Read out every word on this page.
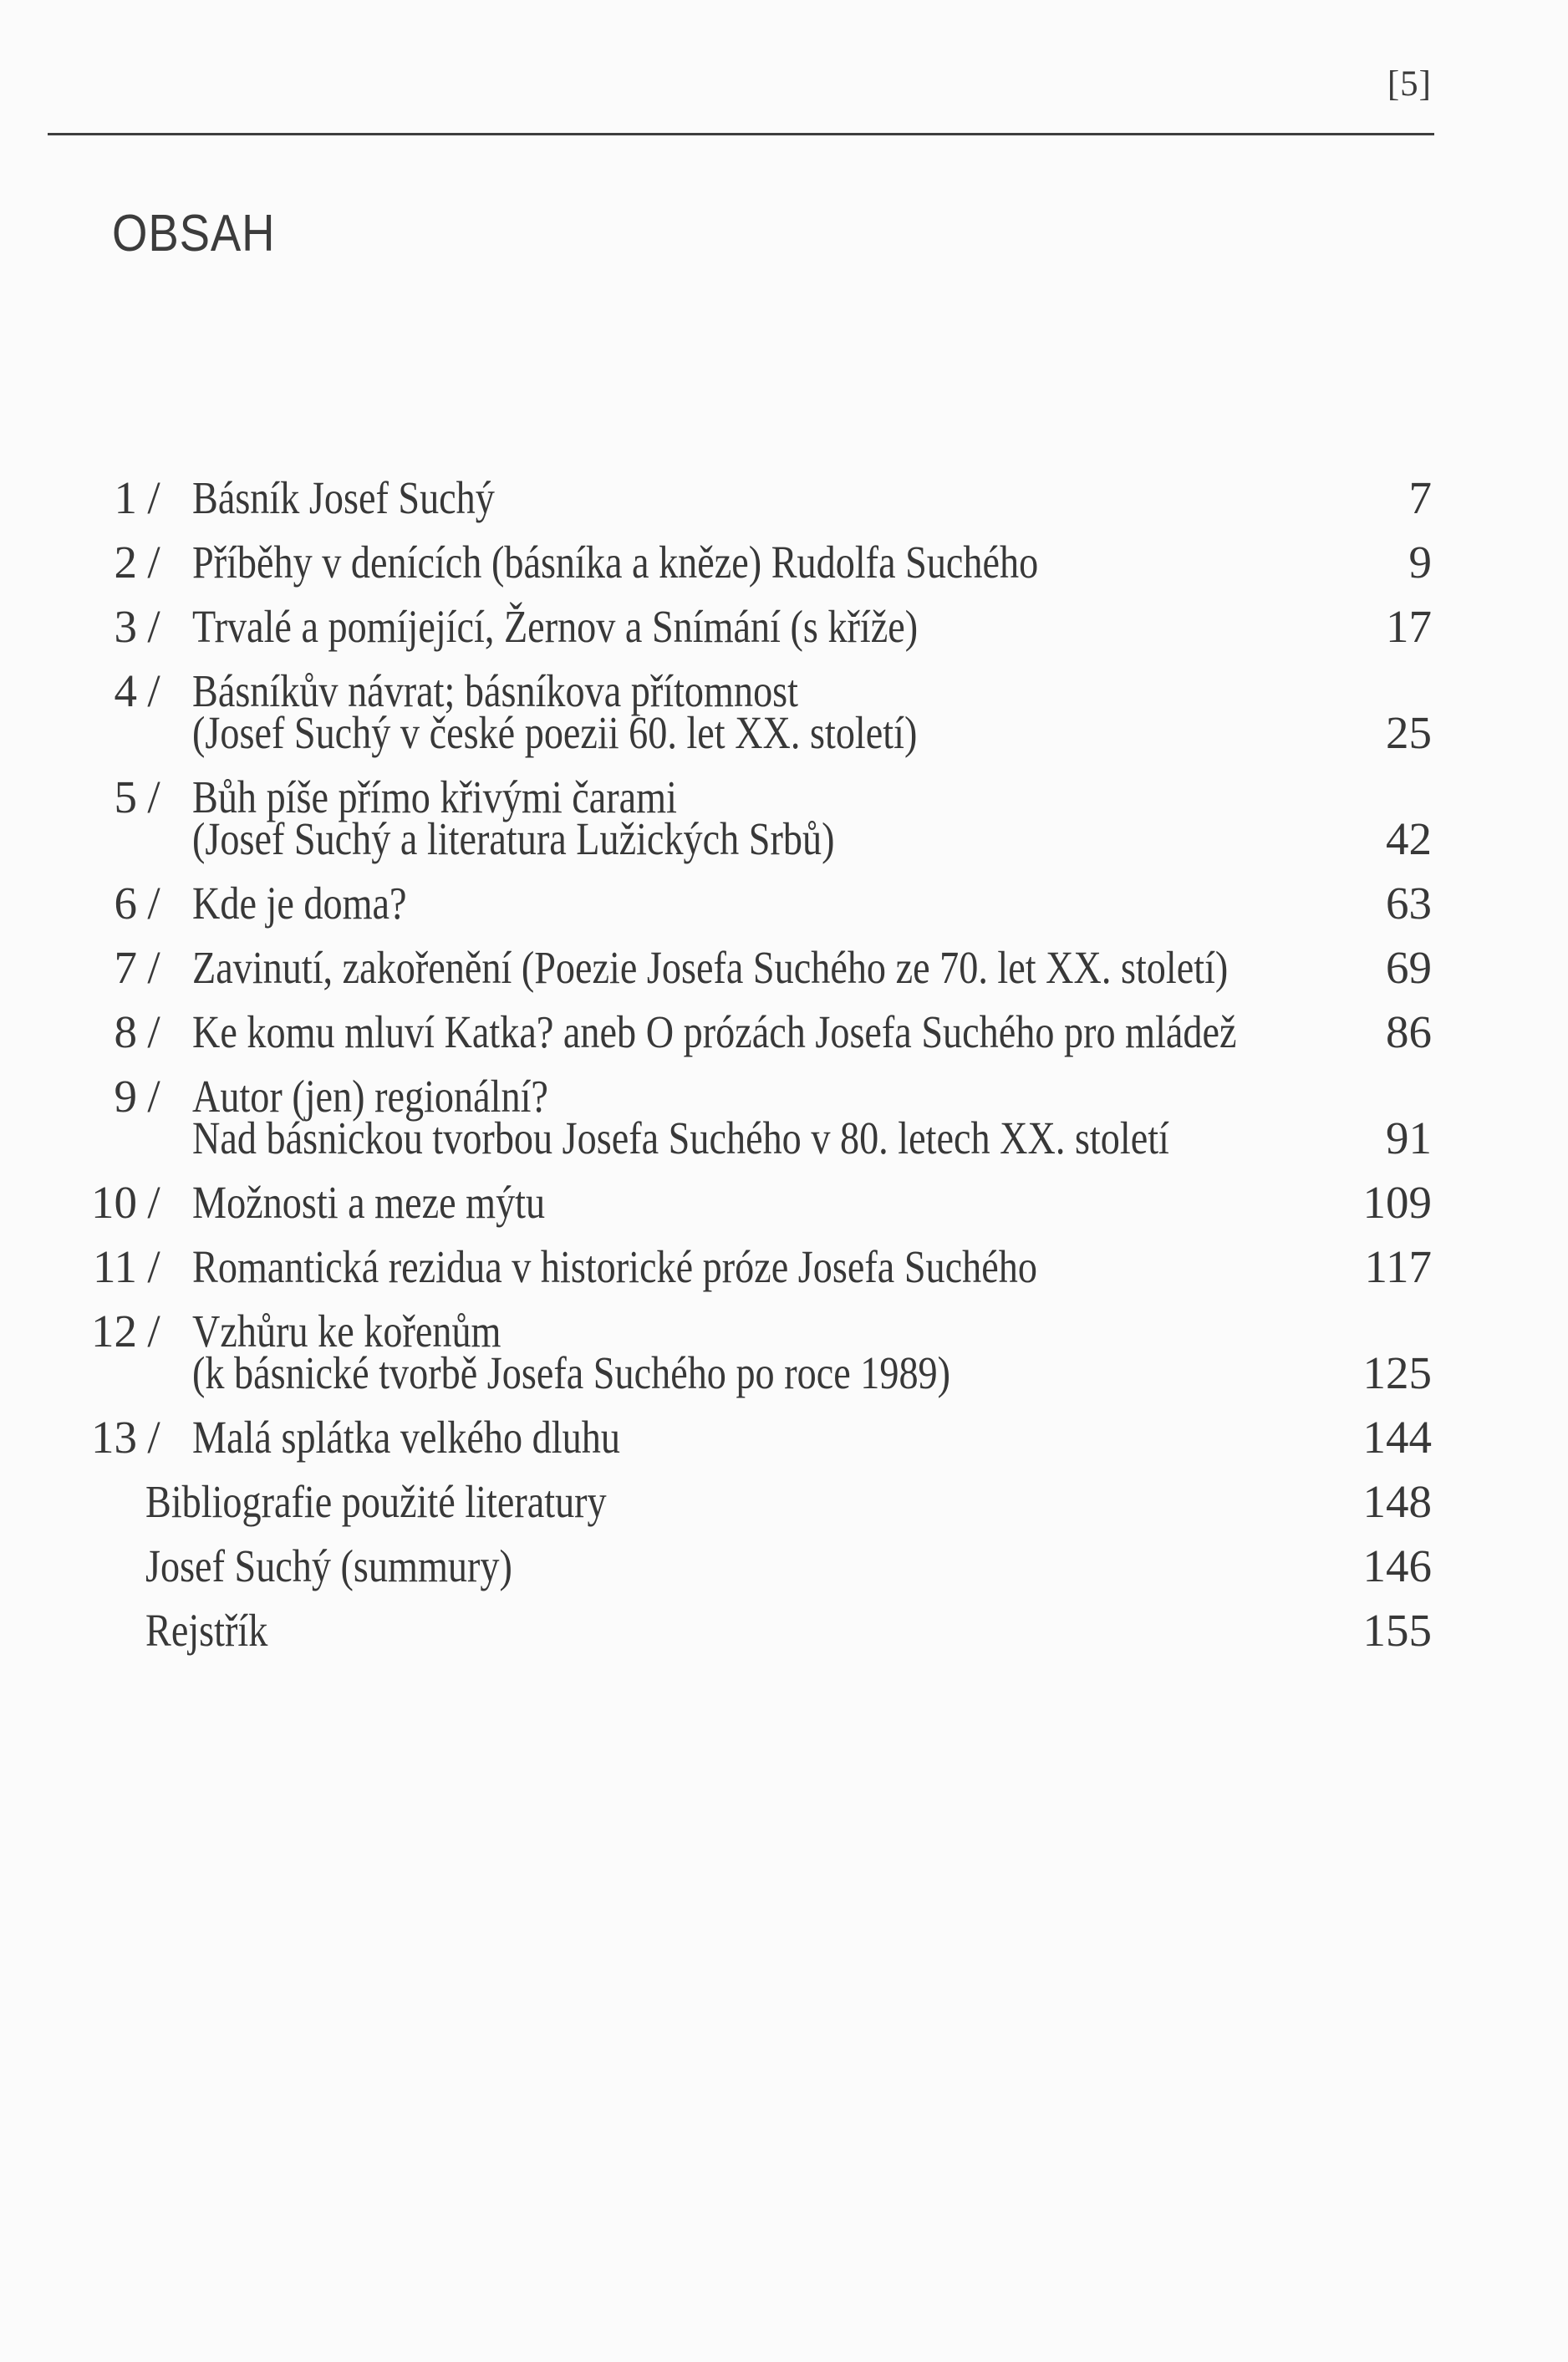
[5]
OBSAH
1 / Básník Josef Suchý	7
2 / Příběhy v denících (básníka a kněze) Rudolfa Suchého	9
3 / Trvalé a pomíjející, Žernov a Snímání (s kříže)	17
4 / Básníkův návrat; básníkova přítomnost
(Josef Suchý v české poezii 60. let XX. století)	25
5 / Bůh píše přímo křivými čarami
(Josef Suchý a literatura Lužických Srbů)	42
6 / Kde je doma?	63
7 / Zavinutí, zakořenění (Poezie Josefa Suchého ze 70. let XX. století)	69
8 / Ke komu mluví Katka? aneb O prózách Josefa Suchého pro mládež	86
9 / Autor (jen) regionální?
Nad básnickou tvorbou Josefa Suchého v 80. letech XX. století	91
10 / Možnosti a meze mýtu	109
11 / Romantická rezidua v historické próze Josefa Suchého	117
12 / Vzhůru ke kořenům
(k básnické tvorbě Josefa Suchého po roce 1989)	125
13 / Malá splátka velkého dluhu	144
Bibliografie použité literatury	148
Josef Suchý (summury)	146
Rejstřík	155
